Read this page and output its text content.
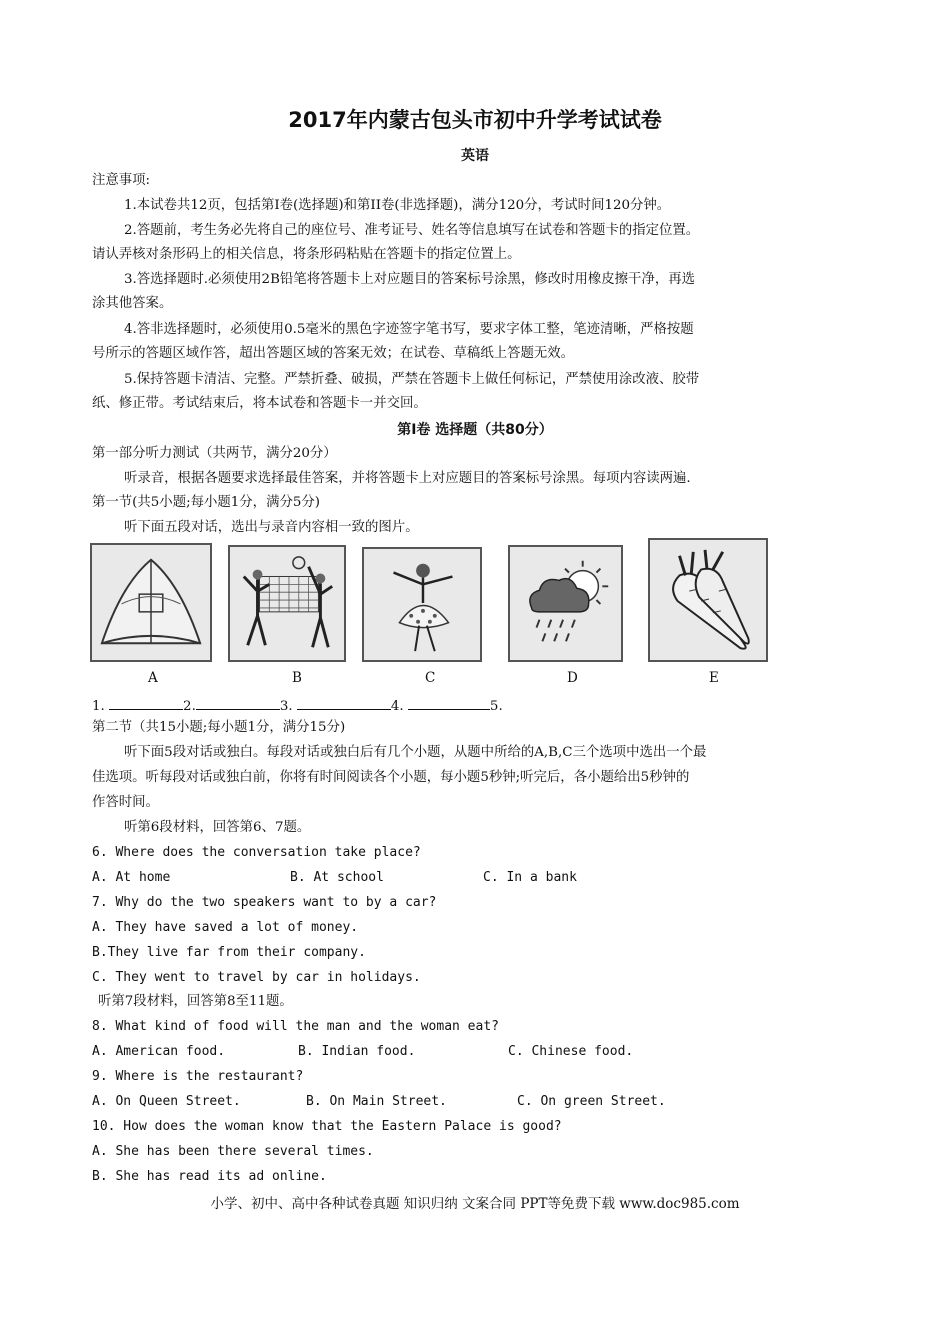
2017年内蒙古包头市初中升学考试试卷
英语
注意事项:
1.本试卷共12页，包括第I卷(选择题)和第II卷(非选择题)，满分120分，考试时间120分钟。
2.答题前，考生务必先将自己的座位号、准考证号、姓名等信息填写在试卷和答题卡的指定位置。
请认弄核对条形码上的相关信息，将条形码粘贴在答题卡的指定位置上。
3.答选择题时.必须使用2B铅笔将答题卡上对应题目的答案标号涂黑，修改时用橡皮擦干净，再选
涂其他答案。
4.答非选择题时，必须使用0.5毫米的黑色字迹签字笔书写，要求字体工整，笔迹清晰，严格按题
号所示的答题区域作答，超出答题区域的答案无效；在试卷、草稿纸上答题无效。
5.保持答题卡清洁、完整。严禁折叠、破损，严禁在答题卡上做任何标记，严禁使用涂改液、胶带
纸、修正带。考试结束后，将本试卷和答题卡一并交回。
第I卷 选择题（共80分）
第一部分听力测试（共两节，满分20分）
听录音，根据各题要求选择最佳答案，并将答题卡上对应题目的答案标号涂黑。每项内容读两遍.
第一节(共5小题;每小题1分，满分5分)
听下面五段对话，选出与录音内容相一致的图片。
A	B	C	D	E
1.	2.	3.	4.	5.
第二节（共15小题;每小题1分，满分15分)
听下面5段对话或独白。每段对话或独白后有几个小题，从题中所给的A,B,C三个选项中选出一个最
佳选项。听每段对话或独白前，你将有时间阅读各个小题，每小题5秒钟;听完后，各小题给出5秒钟的
作答时间。
听第6段材料，回答第6、7题。
6. Where does the conversation take place?
A. At home	B. At school	C. In a bank
7. Why do the two speakers want to by a car?
A. They have saved a lot of money.
B.They live far from their company.
C. They went to travel by car in holidays.
听第7段材料，回答第8至11题。
8. What kind of food will the man and the woman eat?
A. American food.	B. Indian food.	C. Chinese food.
9. Where is the restaurant?
A. On Queen Street.	B. On Main Street.	C. On green Street.
10. How does the woman know that the Eastern Palace is good?
A. She has been there several times.
B. She has read its ad online.
小学、初中、高中各种试卷真题 知识归纳 文案合同 PPT等免费下载 www.doc985.com
